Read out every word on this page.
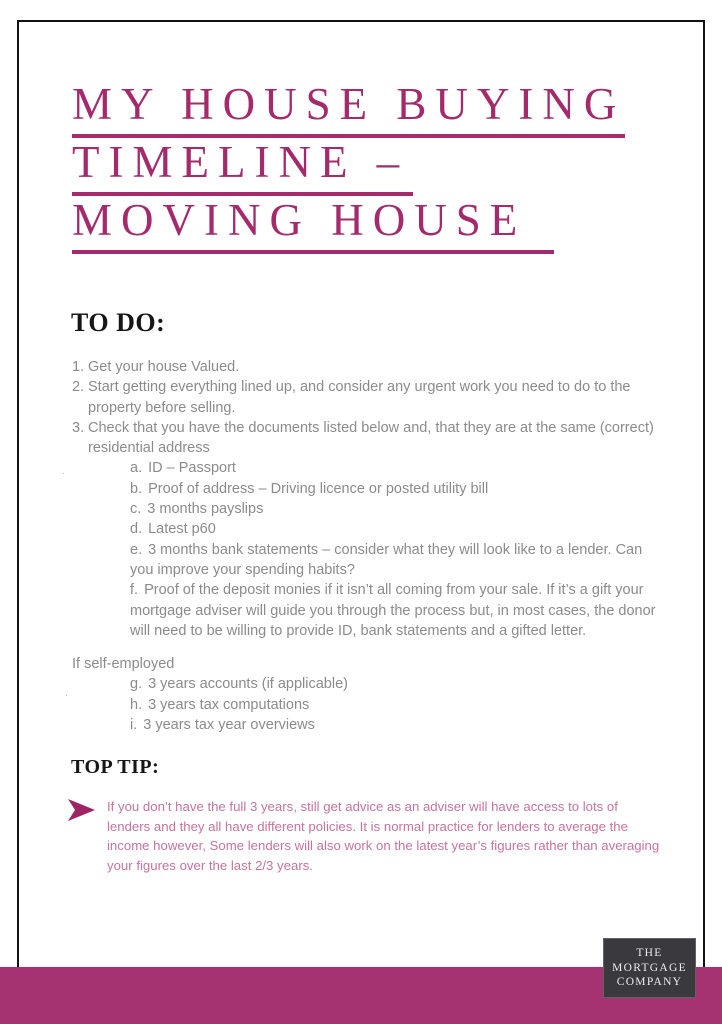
MY HOUSE BUYING
TIMELINE –
MOVING HOUSE
TO DO:
1. Get your house Valued.
2. Start getting everything lined up, and consider any urgent work you need to do to the property before selling.
3. Check that you have the documents listed below and, that they are at the same (correct) residential address
a. ID – Passport
b. Proof of address – Driving licence or posted utility bill
c. 3 months payslips
d. Latest p60
e. 3 months bank statements – consider what they will look like to a lender. Can you improve your spending habits?
f. Proof of the deposit monies if it isn’t all coming from your sale. If it’s a gift your mortgage adviser will guide you through the process but, in most cases, the donor will need to be willing to provide ID, bank statements and a gifted letter.
If self-employed
g. 3 years accounts (if applicable)
h. 3 years tax computations
i. 3 years tax year overviews
TOP TIP:
If you don’t have the full 3 years, still get advice as an adviser will have access to lots of lenders and they all have different policies. It is normal practice for lenders to average the income however, Some lenders will also work on the latest year’s figures rather than averaging your figures over the last 2/3 years.
.
.
THE
MORTGAGE
COMPANY
